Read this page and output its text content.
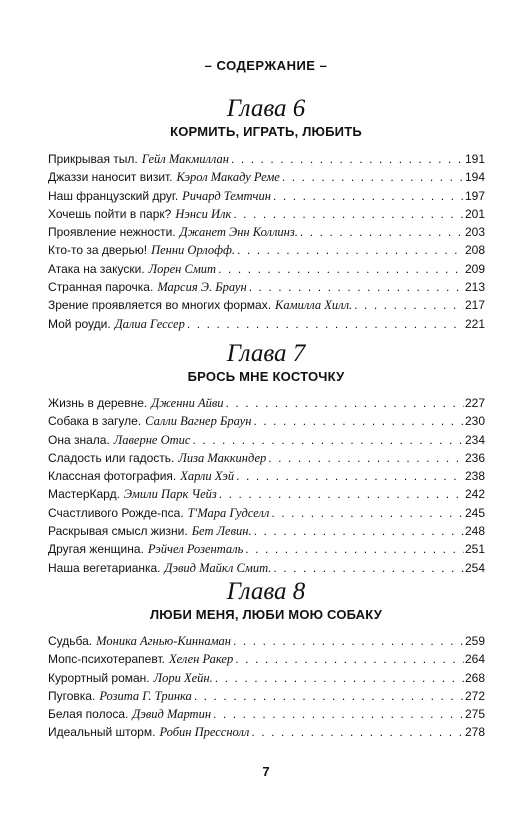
– СОДЕРЖАНИЕ –
Глава 6
КОРМИТЬ, ИГРАТЬ, ЛЮБИТЬ
Прикрывая тыл. Гейл Макмиллан . . .	191
Джаззи наносит визит. Кэрол Макаду Реме . . .	194
Наш французский друг. Ричард Темтчин . . .	197
Хочешь пойти в парк? Нэнси Илк . . .	201
Проявление нежности. Джанет Энн Коллинз. . . .	203
Кто-то за дверью! Пенни Орлофф. . . .	208
Атака на закуски. Лорен Смит . . .	209
Странная парочка. Марсия Э. Браун . . .	213
Зрение проявляется во многих формах. Камилла Хилл. . . .	217
Мой роуди. Далиа Гессер . . .	221
Глава 7
БРОСЬ МНЕ КОСТОЧКУ
Жизнь в деревне. Дженни Айви . . .	227
Собака в загуле. Салли Вагнер Браун . . .	230
Она знала. Лаверне Отис . . .	234
Сладость или гадость. Лиза Маккиндер . . .	236
Классная фотография. Харли Хэй . . .	238
МастерКард. Эмили Парк Чейз . . .	242
Счастливого Рожде-пса. Т'Мара Гудселл . . .	245
Раскрывая смысл жизни. Бет Левин. . . .	248
Другая женщина. Рэйчел Розенталь . . .	251
Наша вегетарианка. Дэвид Майкл Смит. . . .	254
Глава 8
ЛЮБИ МЕНЯ, ЛЮБИ МОЮ СОБАКУ
Судьба. Моника Агнью-Киннаман . . .	259
Мопс-психотерапевт. Хелен Ракер . . .	264
Курортный роман. Лори Хейн. . . .	268
Пуговка. Розита Г. Тринка . . .	272
Белая полоса. Дэвид Мартин . . .	275
Идеальный шторм. Робин Пресснолл . . .	278
7
